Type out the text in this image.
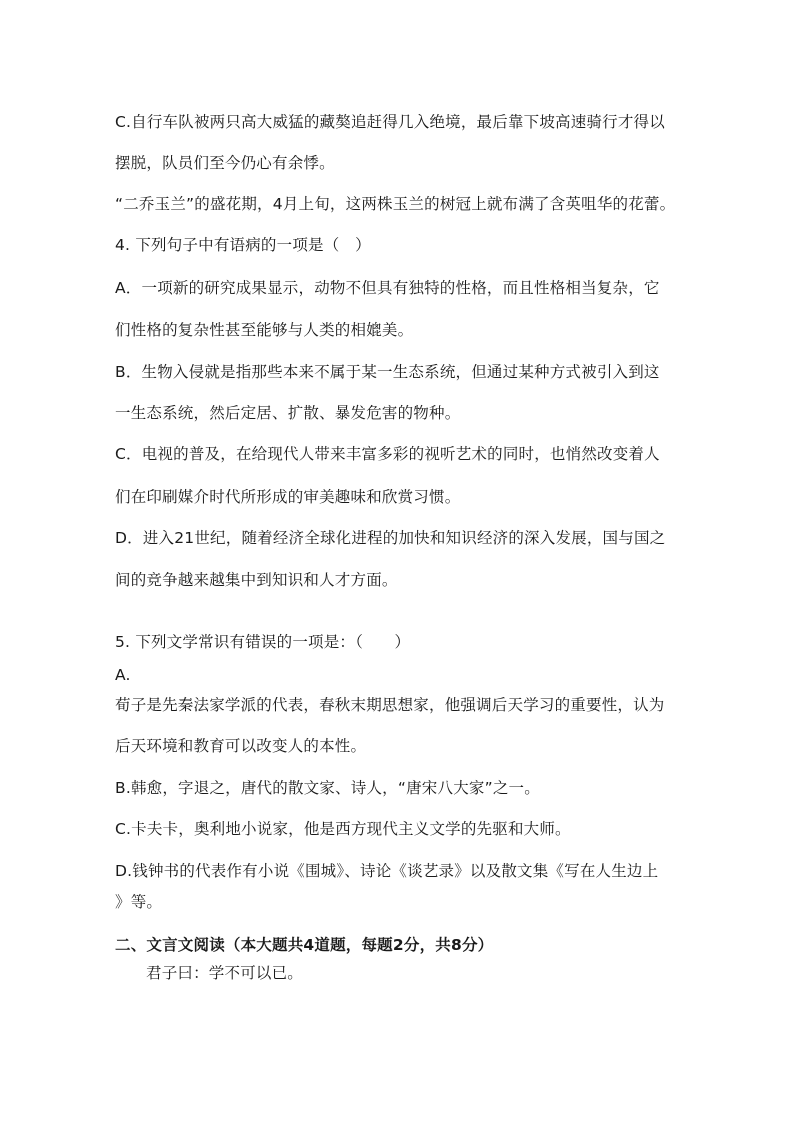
C.自行车队被两只高大威猛的藏獒追赶得几入绝境，最后靠下坡高速骑行才得以
摆脱，队员们至今仍心有余悸。
“二乔玉兰”的盛花期，4月上旬，这两株玉兰的树冠上就布满了含英咀华的花蕾。
4. 下列句子中有语病的一项是（　）
A．一项新的研究成果显示，动物不但具有独特的性格，而且性格相当复杂，它
们性格的复杂性甚至能够与人类的相媲美。
B．生物入侵就是指那些本来不属于某一生态系统，但通过某种方式被引入到这
一生态系统，然后定居、扩散、暴发危害的物种。
C．电视的普及，在给现代人带来丰富多彩的视听艺术的同时，也悄然改变着人
们在印刷媒介时代所形成的审美趣味和欣赏习惯。
D．进入21世纪，随着经济全球化进程的加快和知识经济的深入发展，国与国之
间的竞争越来越集中到知识和人才方面。
5. 下列文学常识有错误的一项是：（　　）
A.
荀子是先秦法家学派的代表，春秋末期思想家，他强调后天学习的重要性，认为
后天环境和教育可以改变人的本性。
B.韩愈，字退之，唐代的散文家、诗人，“唐宋八大家”之一。
C.卡夫卡，奥利地小说家，他是西方现代主义文学的先驱和大师。
D.钱钟书的代表作有小说《围城》、诗论《谈艺录》以及散文集《写在人生边上
》等。
二、文言文阅读（本大题共4道题，每题2分，共8分）
君子曰：学不可以已。
